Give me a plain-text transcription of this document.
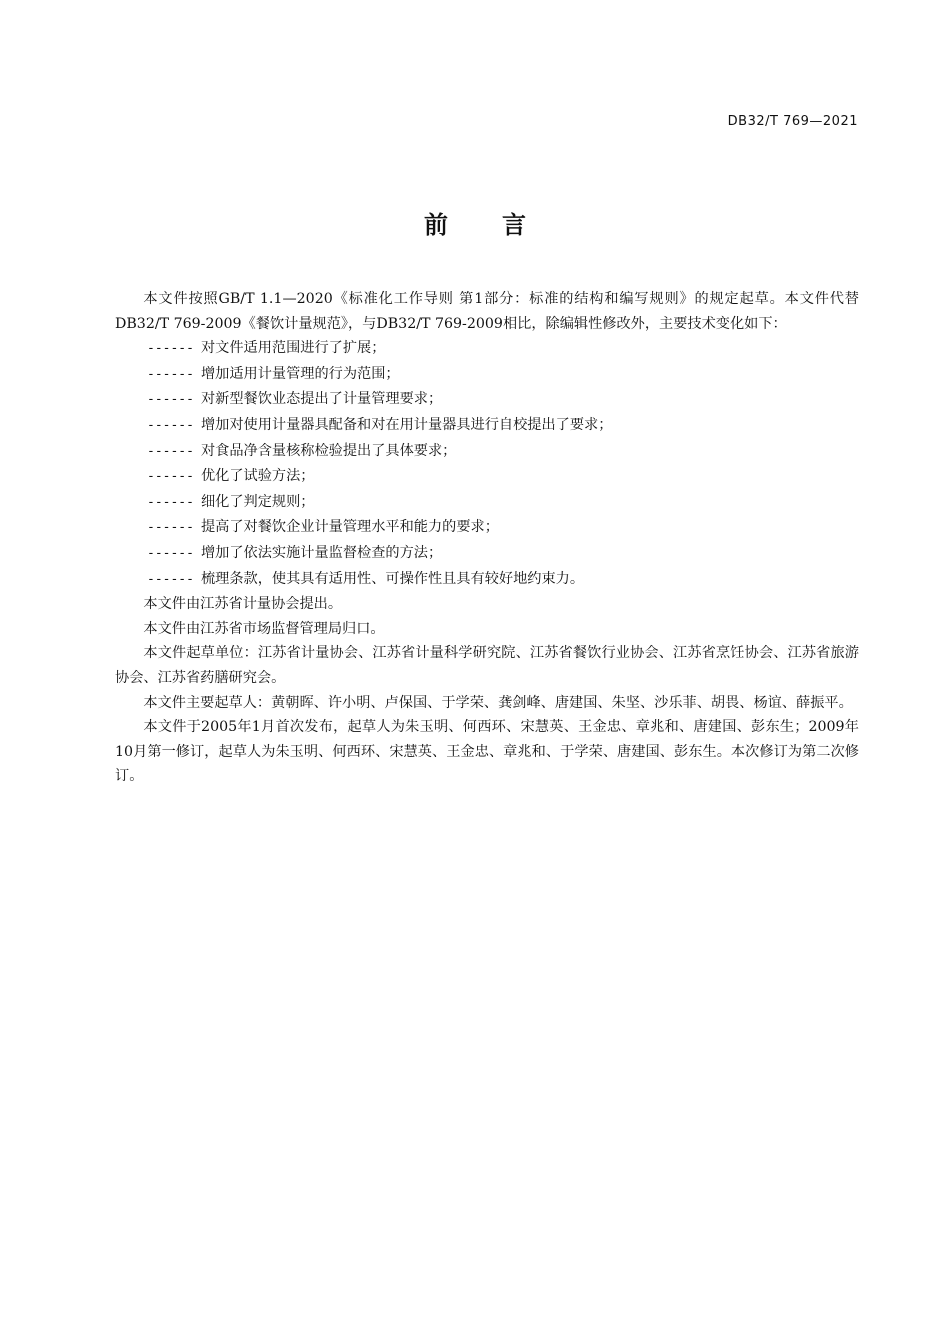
DB32/T 769—2021
前言

本文件按照GB/T 1.1—2020《标准化工作导则 第1部分：标准的结构和编写规则》的规定起草。本文件代替DB32/T 769-2009《餐饮计量规范》，与DB32/T 769-2009相比，除编辑性修改外，主要技术变化如下：

------ 对文件适用范围进行了扩展；

------ 增加适用计量管理的行为范围；

------ 对新型餐饮业态提出了计量管理要求；

------ 增加对使用计量器具配备和对在用计量器具进行自校提出了要求；

------ 对食品净含量核称检验提出了具体要求；

------ 优化了试验方法；

------ 细化了判定规则；

------ 提高了对餐饮企业计量管理水平和能力的要求；

------ 增加了依法实施计量监督检查的方法；

------ 梳理条款，使其具有适用性、可操作性且具有较好地约束力。

本文件由江苏省计量协会提出。

本文件由江苏省市场监督管理局归口。

本文件起草单位：江苏省计量协会、江苏省计量科学研究院、江苏省餐饮行业协会、江苏省烹饪协会、江苏省旅游协会、江苏省药膳研究会。

本文件主要起草人：黄朝晖、许小明、卢保国、于学荣、龚剑峰、唐建国、朱坚、沙乐菲、胡畏、杨谊、薛振平。

本文件于2005年1月首次发布，起草人为朱玉明、何西环、宋慧英、王金忠、章兆和、唐建国、彭东生；2009年10月第一修订，起草人为朱玉明、何西环、宋慧英、王金忠、章兆和、于学荣、唐建国、彭东生。本次修订为第二次修订。
